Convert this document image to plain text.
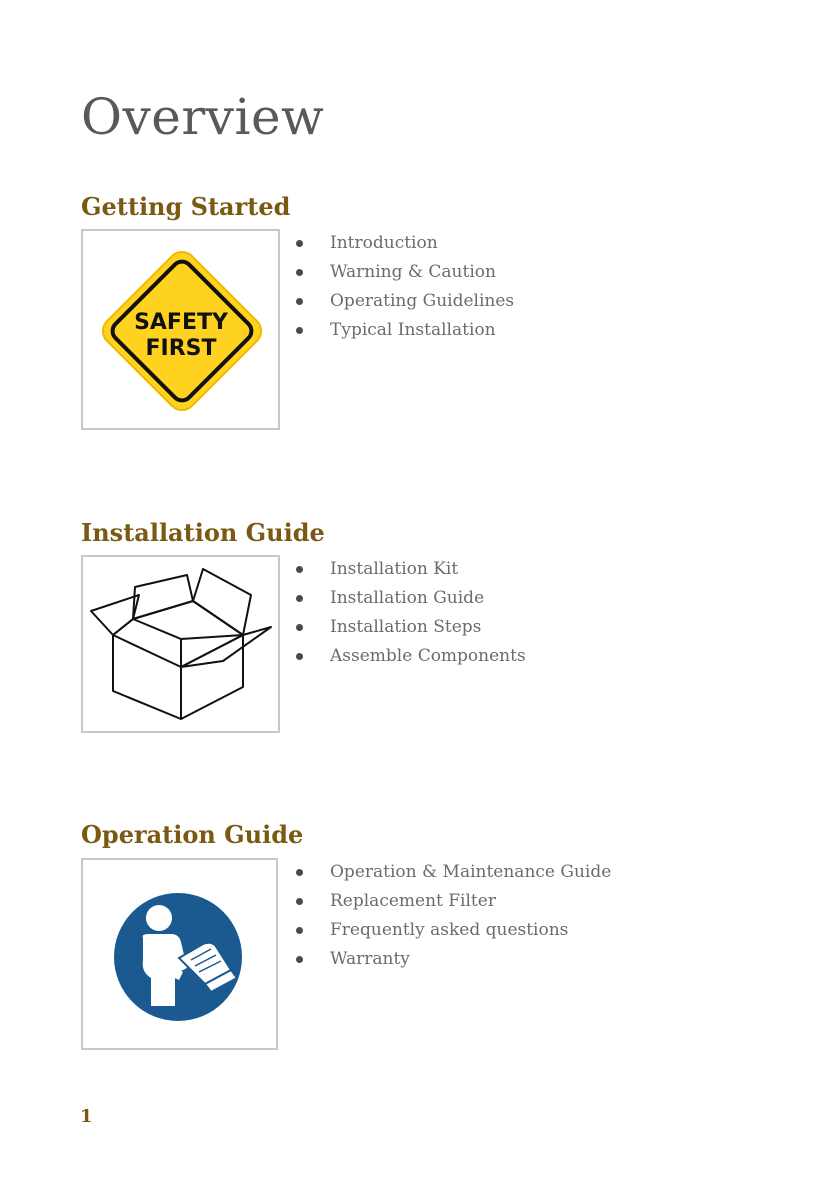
Overview
Getting Started
SAFETY
FIRST
Introduction
Warning & Caution
Operating Guidelines
Typical Installation
Installation Guide
Installation Kit
Installation Guide
Installation Steps
Assemble Components
Operation Guide
Operation & Maintenance Guide
Replacement Filter
Frequently asked questions
Warranty
1
